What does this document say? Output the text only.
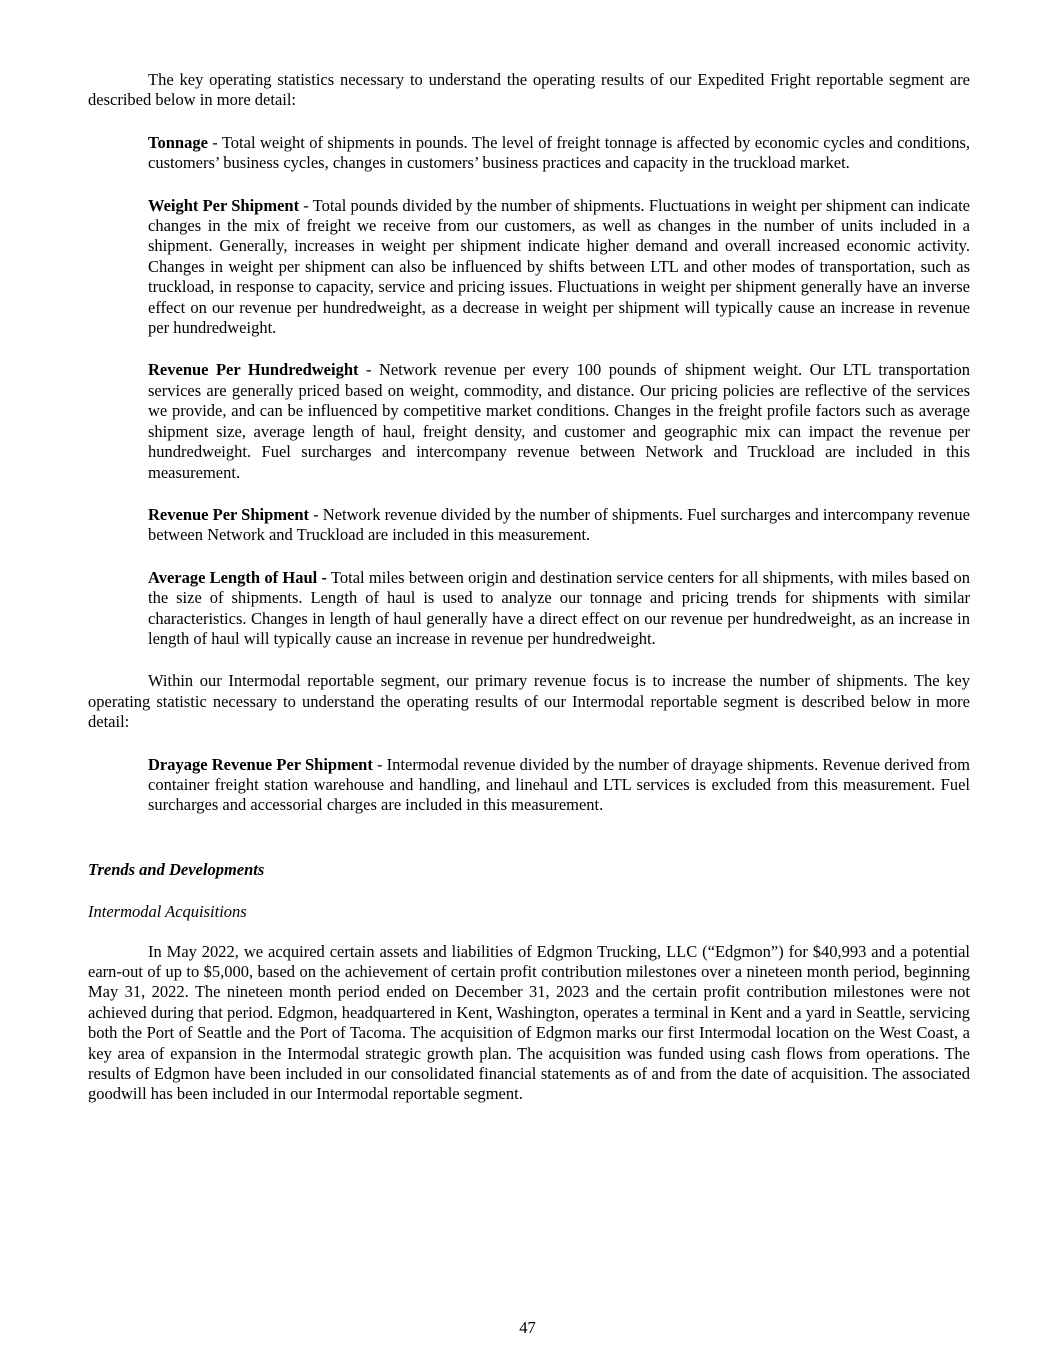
The key operating statistics necessary to understand the operating results of our Expedited Fright reportable segment are described below in more detail:

Tonnage - Total weight of shipments in pounds. The level of freight tonnage is affected by economic cycles and conditions, customers’ business cycles, changes in customers’ business practices and capacity in the truckload market.

Weight Per Shipment - Total pounds divided by the number of shipments. Fluctuations in weight per shipment can indicate changes in the mix of freight we receive from our customers, as well as changes in the number of units included in a shipment. Generally, increases in weight per shipment indicate higher demand and overall increased economic activity. Changes in weight per shipment can also be influenced by shifts between LTL and other modes of transportation, such as truckload, in response to capacity, service and pricing issues. Fluctuations in weight per shipment generally have an inverse effect on our revenue per hundredweight, as a decrease in weight per shipment will typically cause an increase in revenue per hundredweight.

Revenue Per Hundredweight - Network revenue per every 100 pounds of shipment weight. Our LTL transportation services are generally priced based on weight, commodity, and distance. Our pricing policies are reflective of the services we provide, and can be influenced by competitive market conditions. Changes in the freight profile factors such as average shipment size, average length of haul, freight density, and customer and geographic mix can impact the revenue per hundredweight. Fuel surcharges and intercompany revenue between Network and Truckload are included in this measurement.

Revenue Per Shipment - Network revenue divided by the number of shipments. Fuel surcharges and intercompany revenue between Network and Truckload are included in this measurement.

Average Length of Haul - Total miles between origin and destination service centers for all shipments, with miles based on the size of shipments. Length of haul is used to analyze our tonnage and pricing trends for shipments with similar characteristics. Changes in length of haul generally have a direct effect on our revenue per hundredweight, as an increase in length of haul will typically cause an increase in revenue per hundredweight.

Within our Intermodal reportable segment, our primary revenue focus is to increase the number of shipments. The key operating statistic necessary to understand the operating results of our Intermodal reportable segment is described below in more detail:

Drayage Revenue Per Shipment - Intermodal revenue divided by the number of drayage shipments. Revenue derived from container freight station warehouse and handling, and linehaul and LTL services is excluded from this measurement. Fuel surcharges and accessorial charges are included in this measurement.

Trends and Developments
Intermodal Acquisitions

In May 2022, we acquired certain assets and liabilities of Edgmon Trucking, LLC (“Edgmon”) for $40,993 and a potential earn-out of up to $5,000, based on the achievement of certain profit contribution milestones over a nineteen month period, beginning May 31, 2022. The nineteen month period ended on December 31, 2023 and the certain profit contribution milestones were not achieved during that period. Edgmon, headquartered in Kent, Washington, operates a terminal in Kent and a yard in Seattle, servicing both the Port of Seattle and the Port of Tacoma. The acquisition of Edgmon marks our first Intermodal location on the West Coast, a key area of expansion in the Intermodal strategic growth plan. The acquisition was funded using cash flows from operations. The results of Edgmon have been included in our consolidated financial statements as of and from the date of acquisition. The associated goodwill has been included in our Intermodal reportable segment.

47
